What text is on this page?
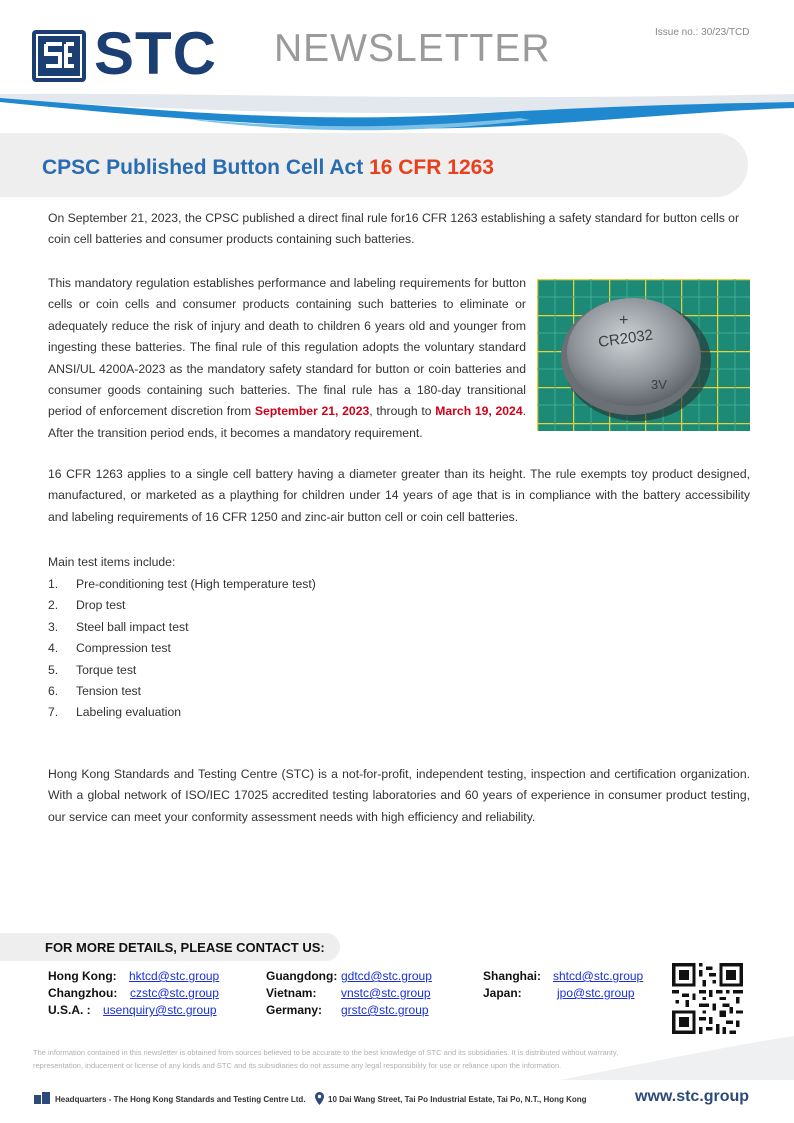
STC NEWSLETTER	Issue no.: 30/23/TCD
CPSC Published Button Cell Act 16 CFR 1263
On September 21, 2023, the CPSC published a direct final rule for16 CFR 1263 establishing a safety standard for button cells or coin cell batteries and consumer products containing such batteries.
This mandatory regulation establishes performance and labeling requirements for button cells or coin cells and consumer products containing such batteries to eliminate or adequately reduce the risk of injury and death to children 6 years old and younger from ingesting these batteries. The final rule of this regulation adopts the voluntary standard ANSI/UL 4200A-2023 as the mandatory safety standard for button or coin batteries and consumer goods containing such batteries. The final rule has a 180-day transitional period of enforcement discretion from September 21, 2023, through to March 19, 2024. After the transition period ends, it becomes a mandatory requirement.
+
CR2032
3V
16 CFR 1263 applies to a single cell battery having a diameter greater than its height. The rule exempts toy product designed, manufactured, or marketed as a plaything for children under 14 years of age that is in compliance with the battery accessibility and labeling requirements of 16 CFR 1250 and zinc-air button cell or coin cell batteries.
Main test items include:
1. Pre-conditioning test (High temperature test)
2. Drop test
3. Steel ball impact test
4. Compression test
5. Torque test
6. Tension test
7. Labeling evaluation
Hong Kong Standards and Testing Centre (STC) is a not-for-profit, independent testing, inspection and certification organization. With a global network of ISO/IEC 17025 accredited testing laboratories and 60 years of experience in consumer product testing, our service can meet your conformity assessment needs with high efficiency and reliability.
FOR MORE DETAILS, PLEASE CONTACT US:
Hong Kong: hktcd@stc.group	Guangdong: gdtcd@stc.group	Shanghai: shtcd@stc.group
Changzhou: czstc@stc.group	Vietnam: vnstc@stc.group	Japan:	jpo@stc.group
U.S.A. : usenquiry@stc.group	Germany: grstc@stc.group
The information contained in this newsletter is obtained from sources believed to be accurate to the best knowledge of STC and its subsidiaries. It is distributed without warranty, representation, inducement or license of any kinds and STC and its subsidiaries do not assume any legal responsibility for use or reliance upon the information.
Headquarters - The Hong Kong Standards and Testing Centre Ltd.	10 Dai Wang Street, Tai Po Industrial Estate, Tai Po, N.T., Hong Kong	www.stc.group
